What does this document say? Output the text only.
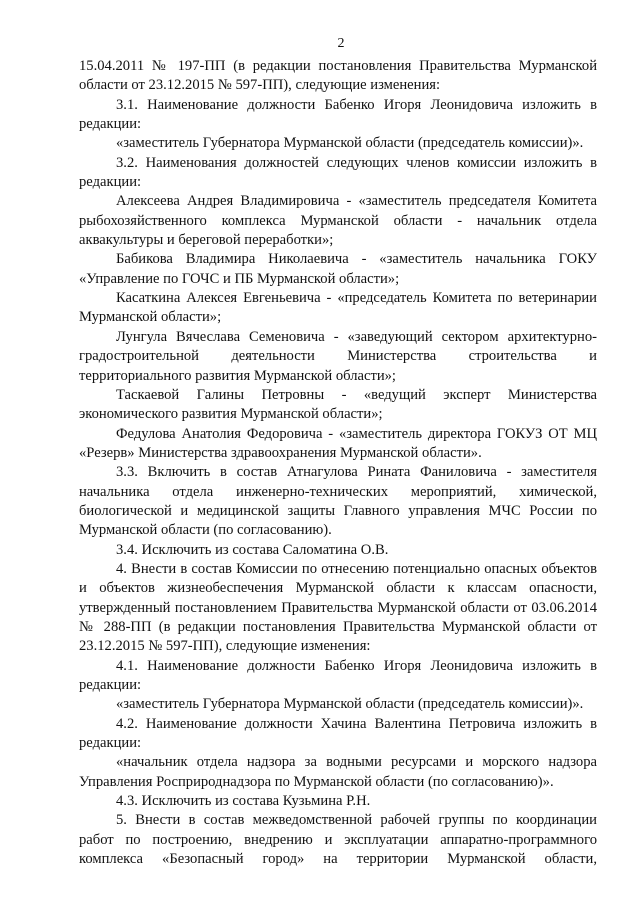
2

15.04.2011 № 197-ПП (в редакции постановления Правительства Мурманской области от 23.12.2015 № 597-ПП), следующие изменения:

3.1. Наименование должности Бабенко Игоря Леонидовича изложить в редакции:

«заместитель Губернатора Мурманской области (председатель комиссии)».

3.2. Наименования должностей следующих членов комиссии изложить в редакции:

Алексеева Андрея Владимировича - «заместитель председателя Комитета рыбохозяйственного комплекса Мурманской области - начальник отдела аквакультуры и береговой переработки»;

Бабикова Владимира Николаевича - «заместитель начальника ГОКУ «Управление по ГОЧС и ПБ Мурманской области»;

Касаткина Алексея Евгеньевича - «председатель Комитета по ветеринарии Мурманской области»;

Лунгула Вячеслава Семеновича - «заведующий сектором архитектурно-градостроительной деятельности Министерства строительства и территориального развития Мурманской области»;

Таскаевой Галины Петровны - «ведущий эксперт Министерства экономического развития Мурманской области»;

Федулова Анатолия Федоровича - «заместитель директора ГОКУЗ ОТ МЦ «Резерв» Министерства здравоохранения Мурманской области».

3.3. Включить в состав Атнагулова Рината Фаниловича - заместителя начальника отдела инженерно-технических мероприятий, химической, биологической и медицинской защиты Главного управления МЧС России по Мурманской области (по согласованию).

3.4. Исключить из состава Саломатина О.В.

4. Внести в состав Комиссии по отнесению потенциально опасных объектов и объектов жизнеобеспечения Мурманской области к классам опасности, утвержденный постановлением Правительства Мурманской области от 03.06.2014 № 288-ПП (в редакции постановления Правительства Мурманской области от 23.12.2015 № 597-ПП), следующие изменения:

4.1. Наименование должности Бабенко Игоря Леонидовича изложить в редакции:

«заместитель Губернатора Мурманской области (председатель комиссии)».

4.2. Наименование должности Хачина Валентина Петровича изложить в редакции:

«начальник отдела надзора за водными ресурсами и морского надзора Управления Росприроднадзора по Мурманской области (по согласованию)».

4.3. Исключить из состава Кузьмина Р.Н.

5. Внести в состав межведомственной рабочей группы по координации работ по построению, внедрению и эксплуатации аппаратно-программного комплекса «Безопасный город» на территории Мурманской области,
